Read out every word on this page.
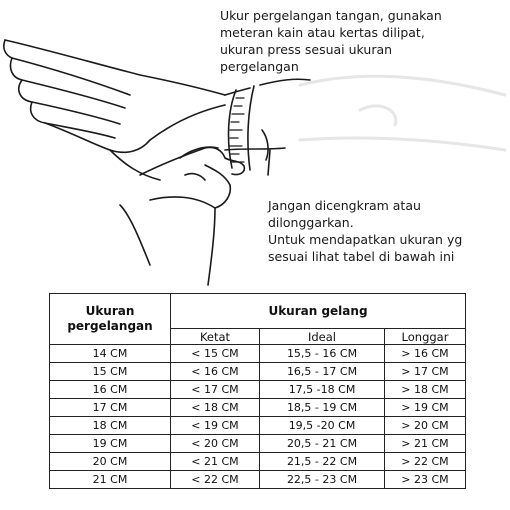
Ukur pergelangan tangan, gunakan
meteran kain atau kertas dilipat,
ukuran press sesuai ukuran
pergelangan
Jangan dicengkram atau
dilonggarkan.
Untuk mendapatkan ukuran yg
sesuai lihat tabel di bawah ini
Ukuran
pergelangan	Ukuran gelang		
	Ketat	Ideal	Longgar
14 CM	< 15 CM	15,5 - 16 CM	> 16 CM
15 CM	< 16 CM	16,5 - 17 CM	> 17 CM
16 CM	< 17 CM	17,5 -18 CM	> 18 CM
17 CM	< 18 CM	18,5 - 19 CM	> 19 CM
18 CM	< 19 CM	19,5 -20 CM	> 20 CM
19 CM	< 20 CM	20,5 - 21 CM	> 21 CM
20 CM	< 21 CM	21,5 - 22 CM	> 22 CM
21 CM	< 22 CM	22,5 - 23 CM	> 23 CM
